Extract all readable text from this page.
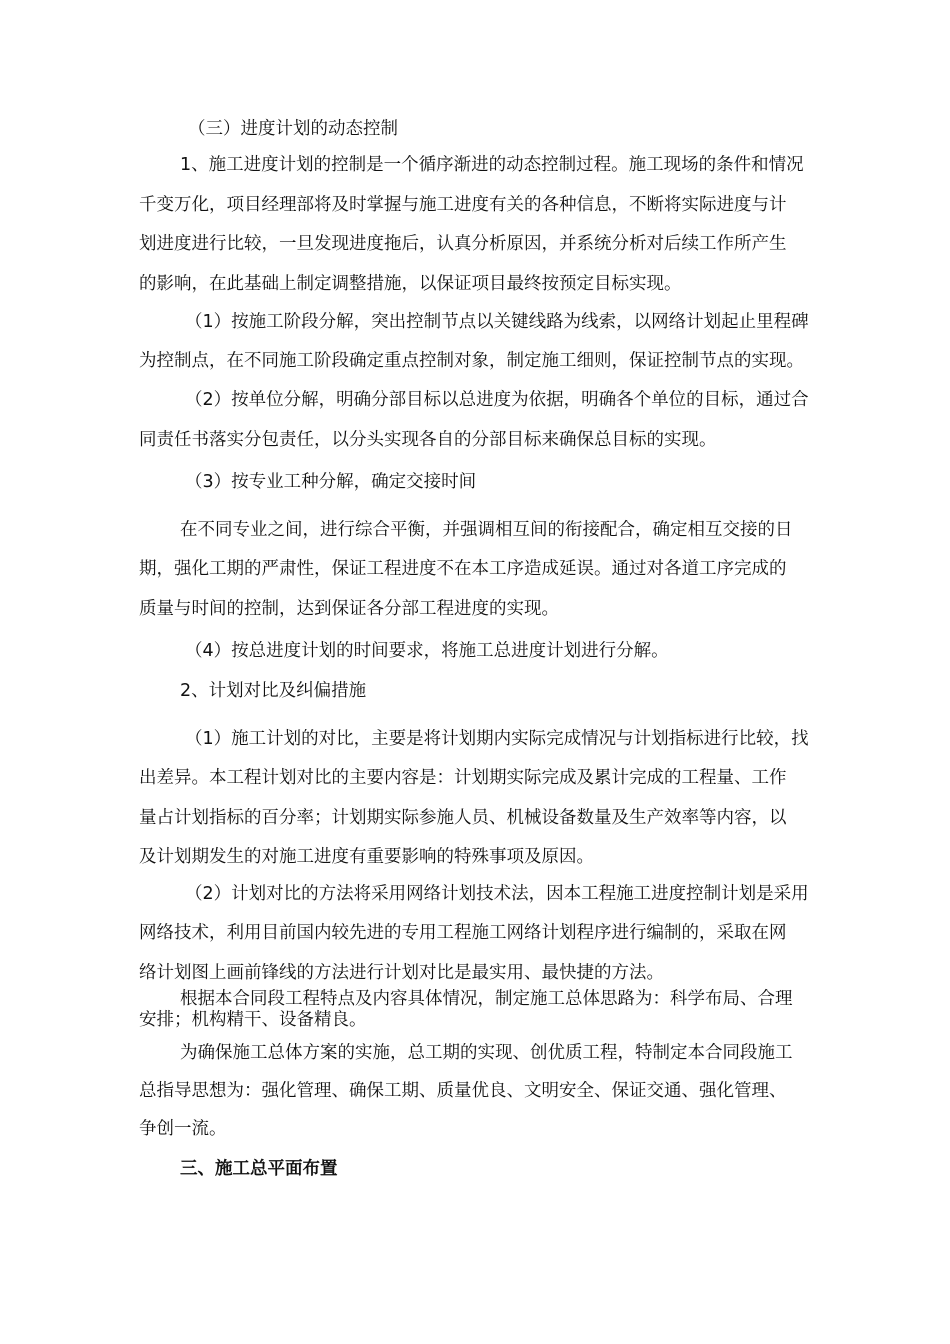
（三）进度计划的动态控制
1、施工进度计划的控制是一个循序渐进的动态控制过程。施工现场的条件和情况
千变万化，项目经理部将及时掌握与施工进度有关的各种信息，不断将实际进度与计
划进度进行比较，一旦发现进度拖后，认真分析原因，并系统分析对后续工作所产生
的影响，在此基础上制定调整措施，以保证项目最终按预定目标实现。
（1）按施工阶段分解，突出控制节点以关键线路为线索，以网络计划起止里程碑
为控制点，在不同施工阶段确定重点控制对象，制定施工细则，保证控制节点的实现。
（2）按单位分解，明确分部目标以总进度为依据，明确各个单位的目标，通过合
同责任书落实分包责任，以分头实现各自的分部目标来确保总目标的实现。
（3）按专业工种分解，确定交接时间
在不同专业之间，进行综合平衡，并强调相互间的衔接配合，确定相互交接的日
期，强化工期的严肃性，保证工程进度不在本工序造成延误。通过对各道工序完成的
质量与时间的控制，达到保证各分部工程进度的实现。
（4）按总进度计划的时间要求，将施工总进度计划进行分解。
2、计划对比及纠偏措施
（1）施工计划的对比，主要是将计划期内实际完成情况与计划指标进行比较，找
出差异。本工程计划对比的主要内容是：计划期实际完成及累计完成的工程量、工作
量占计划指标的百分率；计划期实际参施人员、机械设备数量及生产效率等内容，以
及计划期发生的对施工进度有重要影响的特殊事项及原因。
（2）计划对比的方法将采用网络计划技术法，因本工程施工进度控制计划是采用
网络技术，利用目前国内较先进的专用工程施工网络计划程序进行编制的，采取在网
络计划图上画前锋线的方法进行计划对比是最实用、最快捷的方法。
根据本合同段工程特点及内容具体情况，制定施工总体思路为：科学布局、合理
安排；机构精干、设备精良。
为确保施工总体方案的实施，总工期的实现、创优质工程，特制定本合同段施工
总指导思想为：强化管理、确保工期、质量优良、文明安全、保证交通、强化管理、
争创一流。
三、施工总平面布置
